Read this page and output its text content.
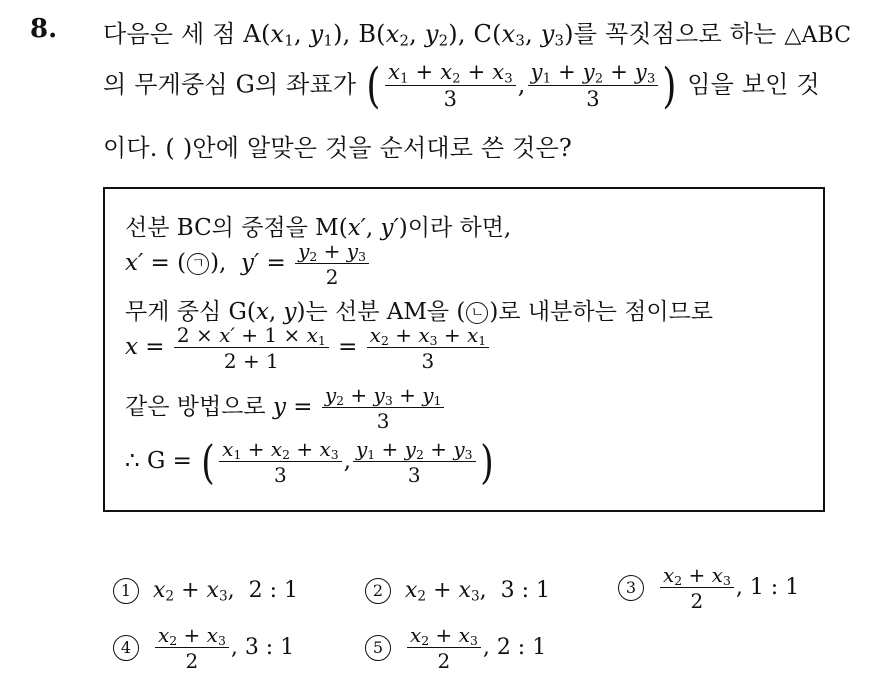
8. 다음은 세 점 $A(x_1$, $y_1$), $B(x_2$, $y_2$), $C(x_3$, $y_3$)를 꼭짓점으로 하는 △ABC
의 무게중심 G의 좌표가 ( $\frac{x_1 + x_2 + x_3}{3}$ , $\frac{y_1 + y_2 + y_3}{3}$ ) 임을 보인 것
이다. ( )안에 알맞은 것을 순서대로 쓴 것은?
선분 BC의 중점을 M(x′, y′)이라 하면,
x′ = ( ㄱ ),  $y' = \frac{y_2 + y_3}{2}$
무게 중심 G(x, y)는 선분 AM을 ( ㄴ )로 내분하는 점이므로
$x = \frac{2 \times x' + 1 \times x_1}{2 + 1} = \frac{x_2 + x_3 + x_1}{3}$
같은 방법으로 $y = \frac{y_2 + y_3 + y_1}{3}$
∴ G = ( $\frac{x_1 + x_2 + x_3}{3}$ , $\frac{y_1 + y_2 + y_3}{3}$ )
1 $x_2 + x_3$,  2 : 1	2 $x_2 + x_3$,  3 : 1	$3 \frac{x_2 + x_3}{2}$ , 1 : 1
$4 \frac{x_2 + x_3}{2}$ , 3 : 1	$5 \frac{x_2 + x_3}{2}$ , 2 : 1
